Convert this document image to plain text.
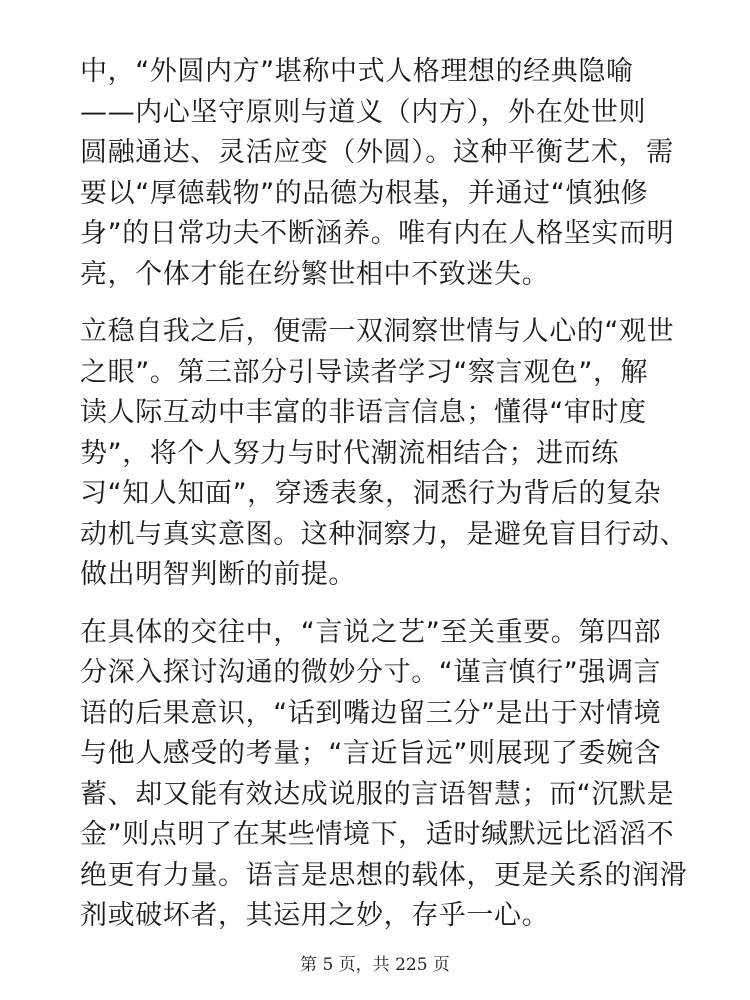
中，“外圆内方”堪称中式人格理想的经典隐喻
——内心坚守原则与道义（内方），外在处世则
圆融通达、灵活应变（外圆）。这种平衡艺术，需
要以“厚德载物”的品德为根基，并通过“慎独修
身”的日常功夫不断涵养。唯有内在人格坚实而明
亮，个体才能在纷繁世相中不致迷失。

立稳自我之后，便需一双洞察世情与人心的“观世
之眼”。第三部分引导读者学习“察言观色”，解
读人际互动中丰富的非语言信息；懂得“审时度
势”，将个人努力与时代潮流相结合；进而练
习“知人知面”，穿透表象，洞悉行为背后的复杂
动机与真实意图。这种洞察力，是避免盲目行动、
做出明智判断的前提。

在具体的交往中，“言说之艺”至关重要。第四部
分深入探讨沟通的微妙分寸。“谨言慎行”强调言
语的后果意识，“话到嘴边留三分”是出于对情境
与他人感受的考量；“言近旨远”则展现了委婉含
蓄、却又能有效达成说服的言语智慧；而“沉默是
金”则点明了在某些情境下，适时缄默远比滔滔不
绝更有力量。语言是思想的载体，更是关系的润滑
剂或破坏者，其运用之妙，存乎一心。

第 5 页，共 225 页
